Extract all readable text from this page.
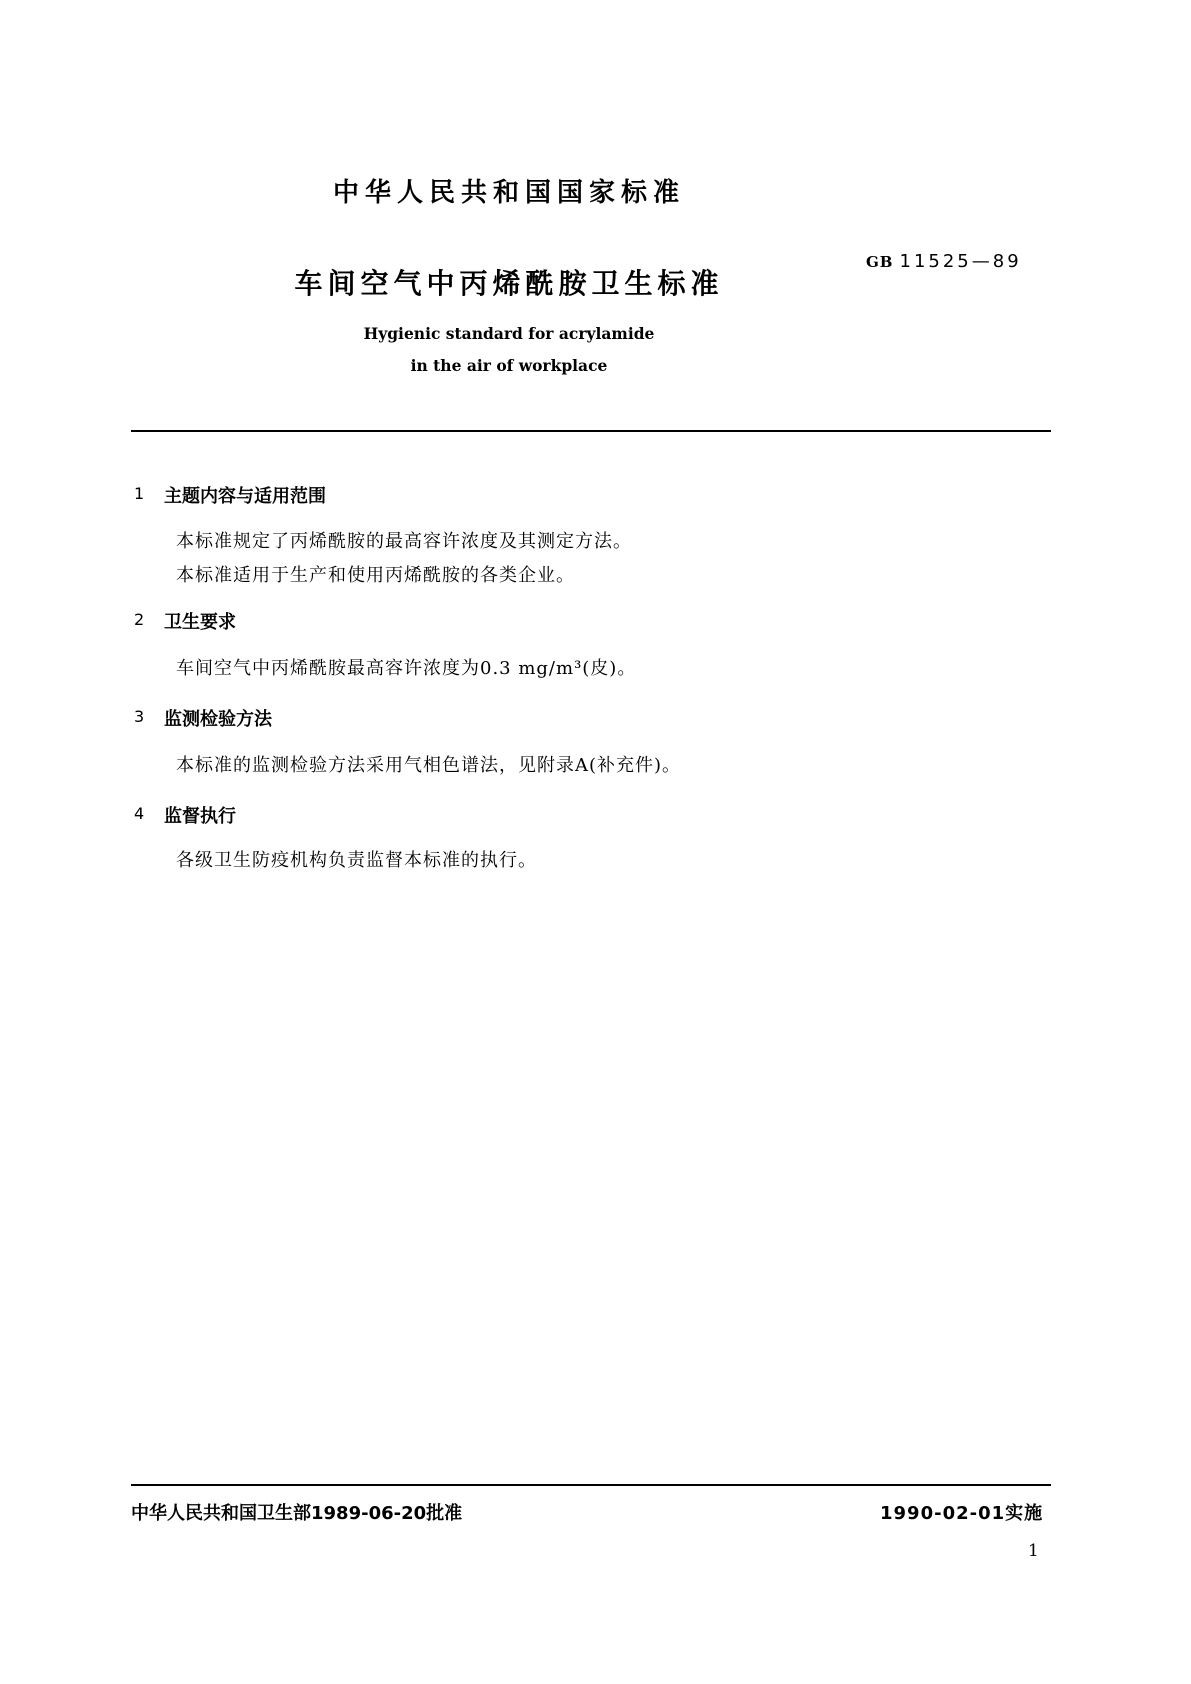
中华人民共和国国家标准
车间空气中丙烯酰胺卫生标准
GB 11525—89
Hygienic standard for acrylamide
in the air of workplace
1 主题内容与适用范围
本标准规定了丙烯酰胺的最高容许浓度及其测定方法。
本标准适用于生产和使用丙烯酰胺的各类企业。
2 卫生要求
车间空气中丙烯酰胺最高容许浓度为0.3 mg/m³(皮)。
3 监测检验方法
本标准的监测检验方法采用气相色谱法，见附录A(补充件)。
4 监督执行
各级卫生防疫机构负责监督本标准的执行。
中华人民共和国卫生部1989-06-20批准	1990-02-01实施
1
